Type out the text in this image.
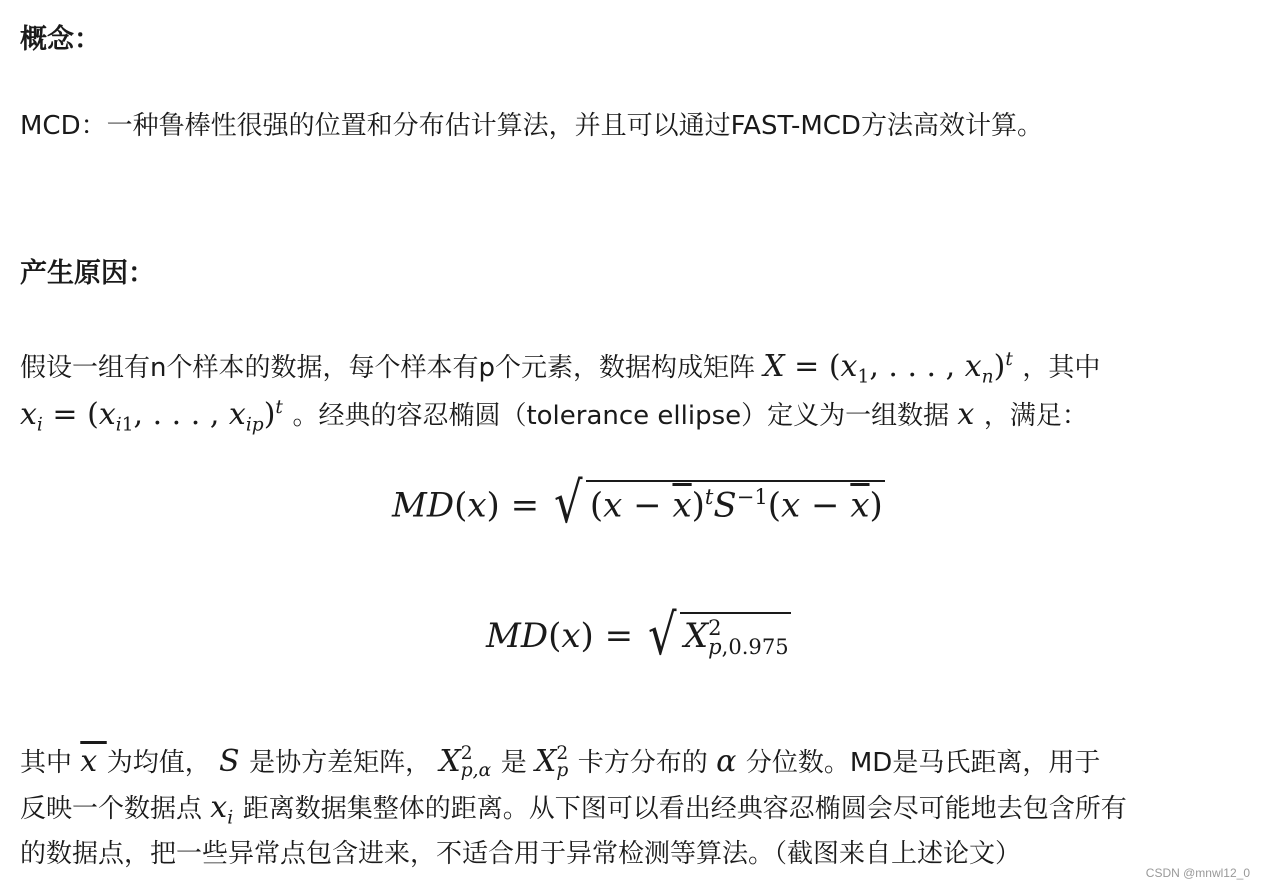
概念：
MCD：一种鲁棒性很强的位置和分布估计算法，并且可以通过FAST-MCD方法高效计算。
产生原因：
假设一组有n个样本的数据，每个样本有p个元素，数据构成矩阵 $X = (x_1$, . . . , $x_n)^t$ ，其中
$x_i = (x_{i1}$, . . . , $x_{ip})^t$ 。经典的容忍椭圆（tolerance ellipse）定义为一组数据 x ，满足：
MD(x) = √ $(x - \overline{x})^tS^{-1}(x - \overline{x})$
MD(x) = √ X 2
p,0.975
其中 x 为均值， S 是协方差矩阵， X 2
p,α 是 X 2
p 卡方分布的 α 分位数。MD是马氏距离，用于
反映一个数据点 $x_i$ 距离数据集整体的距离。从下图可以看出经典容忍椭圆会尽可能地去包含所有
的数据点，把一些异常点包含进来，不适合用于异常检测等算法。（截图来自上述论文）
CSDN @mnwl12_0
